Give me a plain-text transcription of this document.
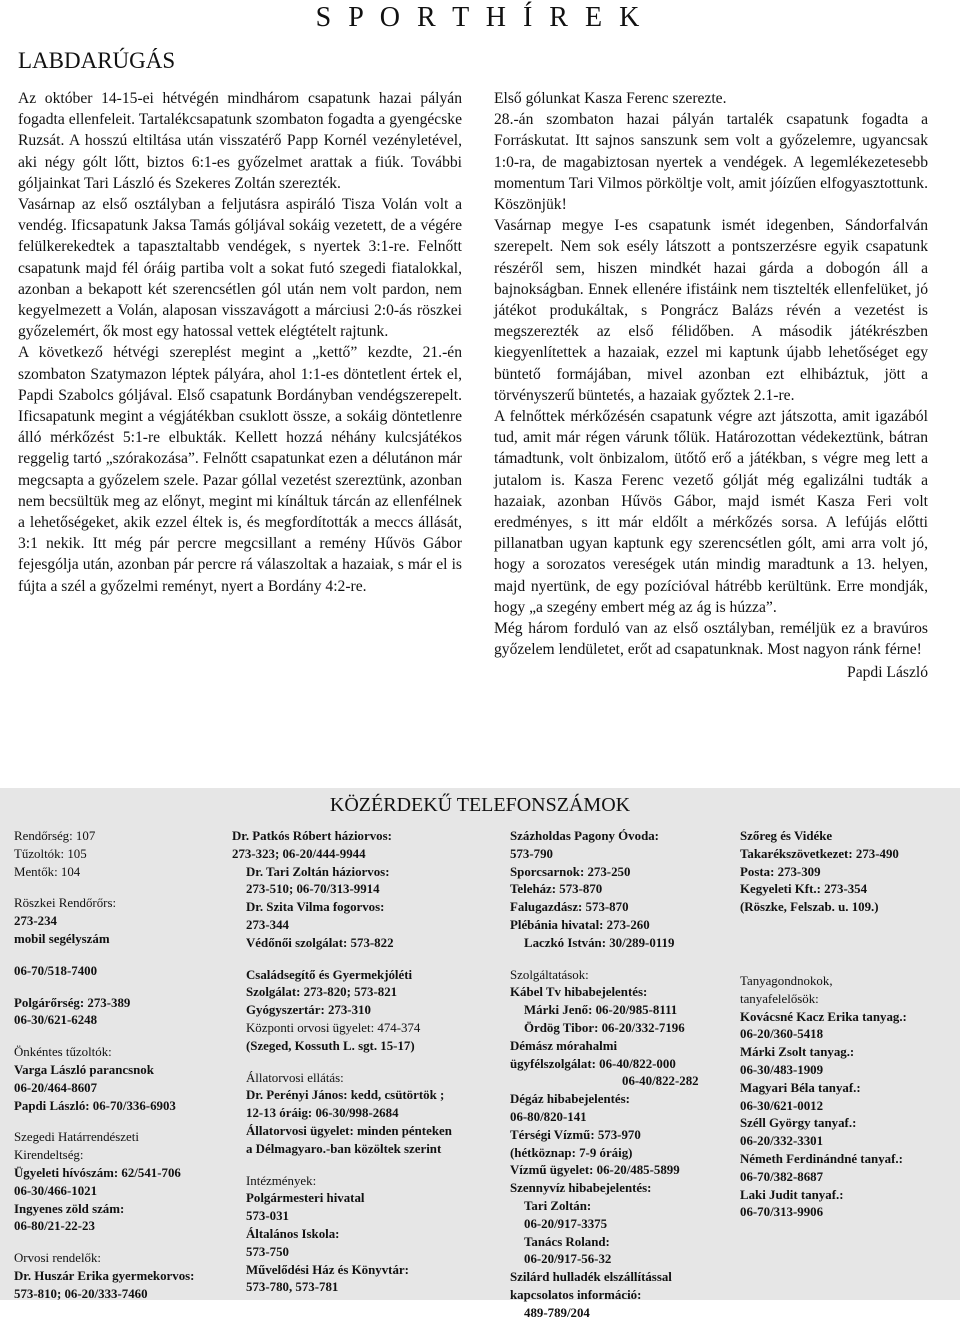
S P O R T H Í R E K
LABDARÚGÁS

Az október 14-15-ei hétvégén mindhárom csapatunk hazai pályán fogadta ellenfeleit. Tartalékcsapatunk szombaton fogadta a gyengécske Ruzsát. A hosszú eltiltása után visszatérő Papp Kornél vezényletével, aki négy gólt lőtt, biztos 6:1-es győzelmet arattak a fiúk. További góljainkat Tari László és Szekeres Zoltán szerezték.

Vasárnap az első osztályban a feljutásra aspiráló Tisza Volán volt a vendég. Ificsapatunk Jaksa Tamás góljával sokáig vezetett, de a végére felülkerekedtek a tapasztaltabb vendégek, s nyertek 3:1-re. Felnőtt csapatunk majd fél óráig partiba volt a sokat futó szegedi fiatalokkal, azonban a bekapott két szerencsétlen gól után nem volt pardon, nem kegyelmezett a Volán, alaposan visszavágott a márciusi 2:0-ás röszkei győzelemért, ők most egy hatossal vettek elégtételt rajtunk.

A következő hétvégi szereplést megint a „kettő” kezdte, 21.-én szombaton Szatymazon léptek pályára, ahol 1:1-es döntetlent értek el, Papdi Szabolcs góljával. Első csapatunk Bordányban vendégszerepelt. Ificsapatunk megint a végjátékban csuklott össze, a sokáig döntetlenre álló mérkőzést 5:1-re elbukták. Kellett hozzá néhány kulcsjátékos reggelig tartó „szórakozása”. Felnőtt csapatunkat ezen a délutánon már megcsapta a győzelem szele. Pazar góllal vezetést szereztünk, azonban nem becsültük meg az előnyt, megint mi kínáltuk tárcán az ellenfélnek a lehetőségeket, akik ezzel éltek is, és megfordították a meccs állását, 3:1 nekik. Itt még pár percre megcsillant a remény Hűvös Gábor fejesgólja után, azonban pár percre rá válaszoltak a hazaiak, s már el is fújta a szél a győzelmi reményt, nyert a Bordány 4:2-re.

Első gólunkat Kasza Ferenc szerezte.

28.-án szombaton hazai pályán tartalék csapatunk fogadta a Forráskutat. Itt sajnos sanszunk sem volt a győzelemre, ugyancsak 1:0-ra, de magabiztosan nyertek a vendégek. A legemlékezetesebb momentum Tari Vilmos pörköltje volt, amit jóízűen elfogyasztottunk. Köszönjük!

Vasárnap megye I-es csapatunk ismét idegenben, Sándorfalván szerepelt. Nem sok esély látszott a pontszerzésre egyik csapatunk részéről sem, hiszen mindkét hazai gárda a dobogón áll a bajnokságban. Ennek ellenére ifistáink nem tisztelték ellenfelüket, jó játékot produkáltak, s Pongrácz Balázs révén a vezetést is megszerezték az első félidőben. A második játékrészben kiegyenlítettek a hazaiak, ezzel mi kaptunk újabb lehetőséget egy büntető formájában, mivel azonban ezt elhibáztuk, jött a törvényszerű büntetés, a hazaiak győztek 2.1-re.

A felnőttek mérkőzésén csapatunk végre azt játszotta, amit igazából tud, amit már régen várunk tőlük. Határozottan védekeztünk, bátran támadtunk, volt önbizalom, ütőtő erő a játékban, s végre meg lett a jutalom is. Kasza Ferenc vezető gólját még egalizálni tudták a hazaiak, azonban Hűvös Gábor, majd ismét Kasza Feri volt eredményes, s itt már eldőlt a mérkőzés sorsa. A lefújás előtti pillanatban ugyan kaptunk egy szerencsétlen gólt, ami arra volt jó, hogy a sorozatos vereségek után mindig maradtunk a 13. helyen, majd nyertünk, de egy pozícióval hátrébb kerültünk. Erre mondják, hogy „a szegény embert még az ág is húzza”.

Még három forduló van az első osztályban, reméljük ez a bravúros győzelem lendületet, erőt ad csapatunknak. Most nagyon ránk férne!

Papdi László

KÖZÉRDEKŰ TELEFONSZÁMOK
Rendőrség: 107
Tűzoltók: 105
Mentők: 104
Röszkei Rendőrőrs:
273-234
mobil segélyszám
06-70/518-7400
Polgárőrség: 273-389
06-30/621-6248
Önkéntes tűzoltók:
Varga László parancsnok
06-20/464-8607
Papdi László: 06-70/336-6903
Szegedi Határrendészeti
Kirendeltség:
Ügyeleti hívószám: 62/541-706
06-30/466-1021
Ingyenes zöld szám:
06-80/21-22-23
Orvosi rendelők:
Dr. Huszár Erika gyermekorvos:
573-810; 06-20/333-7460
Dr. Patkós Róbert háziorvos:
273-323; 06-20/444-9944
Dr. Tari Zoltán háziorvos:
273-510; 06-70/313-9914
Dr. Szita Vilma fogorvos:
273-344
Védőnői szolgálat: 573-822
Családsegítő és Gyermekjóléti
Szolgálat: 273-820; 573-821
Gyógyszertár: 273-310
Központi orvosi ügyelet: 474-374
(Szeged, Kossuth L. sgt. 15-17)
Állatorvosi ellátás:
Dr. Perényi János: kedd, csütörtök ;
12-13 óráig: 06-30/998-2684
Állatorvosi ügyelet: minden pénteken
a Délmagyaro.-ban közöltek szerint
Intézmények:
Polgármesteri hivatal
573-031
Általános Iskola:
573-750
Művelődési Ház és Könyvtár:
573-780, 573-781
Százholdas Pagony Óvoda:
573-790
Sporcsarnok: 273-250
Teleház: 573-870
Falugazdász: 573-870
Plébánia hivatal: 273-260
Laczkó István: 30/289-0119
Szolgáltatások:
Kábel Tv hibabejelentés:
Márki Jenő: 06-20/985-8111
Ördög Tibor: 06-20/332-7196
Démász mórahalmi
ügyfélszolgálat: 06-40/822-000
06-40/822-282
Dégáz hibabejelentés:
06-80/820-141
Térségi Vízmű: 573-970
(hétköznap: 7-9 óráig)
Vízmű ügyelet: 06-20/485-5899
Szennyvíz hibabejelentés:
Tari Zoltán:
06-20/917-3375
Tanács Roland:
06-20/917-56-32
Szilárd hulladék elszállítással
kapcsolatos információ:
489-789/204
Szőreg és Vidéke
Takarékszövetkezet: 273-490
Posta: 273-309
Kegyeleti Kft.: 273-354
(Röszke, Felszab. u. 109.)
Tanyagondnokok,
tanyafelelősök:
Kovácsné Kacz Erika tanyag.:
06-20/360-5418
Márki Zsolt tanyag.:
06-30/483-1909
Magyari Béla tanyaf.:
06-30/621-0012
Széll György tanyaf.:
06-20/332-3301
Németh Ferdinándné tanyaf.:
06-70/382-8687
Laki Judit tanyaf.:
06-70/313-9906
